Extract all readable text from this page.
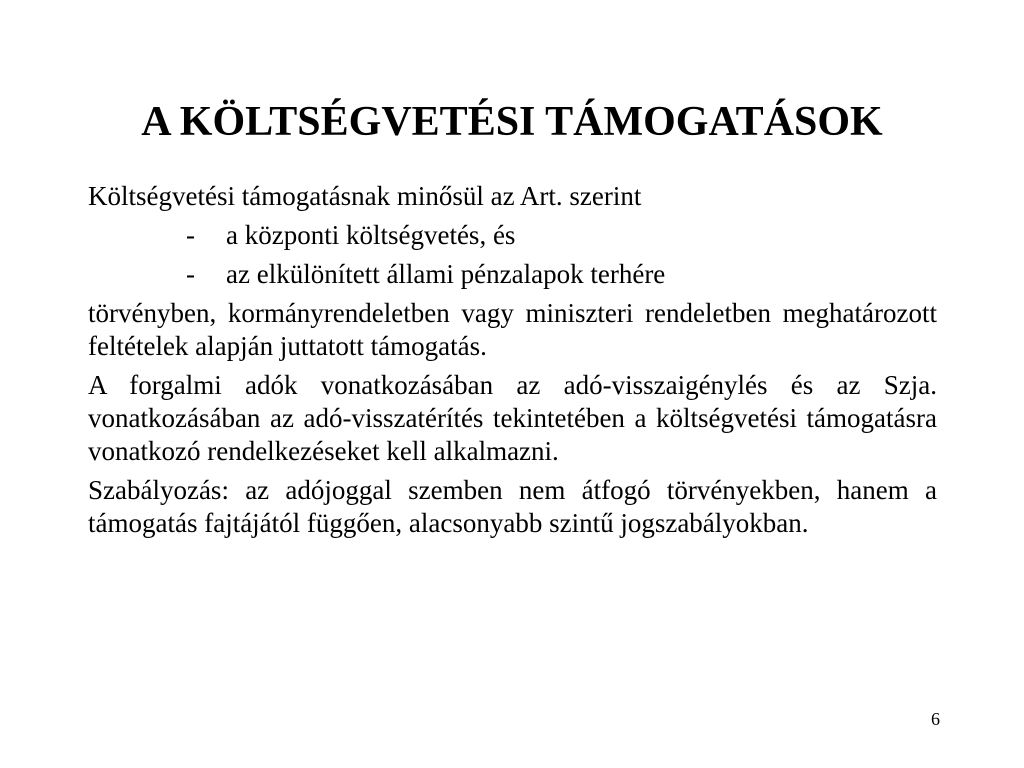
A KÖLTSÉGVETÉSI TÁMOGATÁSOK

Költségvetési támogatásnak minősül az Art. szerint

- a központi költségvetés, és
- az elkülönített állami pénzalapok terhére

törvényben, kormányrendeletben vagy miniszteri rendeletben meghatározott feltételek alapján juttatott támogatás.

A forgalmi adók vonatkozásában az adó-visszaigénylés és az Szja. vonatkozásában az adó-visszatérítés tekintetében a költségvetési támogatásra vonatkozó rendelkezéseket kell alkalmazni.

Szabályozás: az adójoggal szemben nem átfogó törvényekben, hanem a támogatás fajtájától függően, alacsonyabb szintű jogszabályokban.

6
